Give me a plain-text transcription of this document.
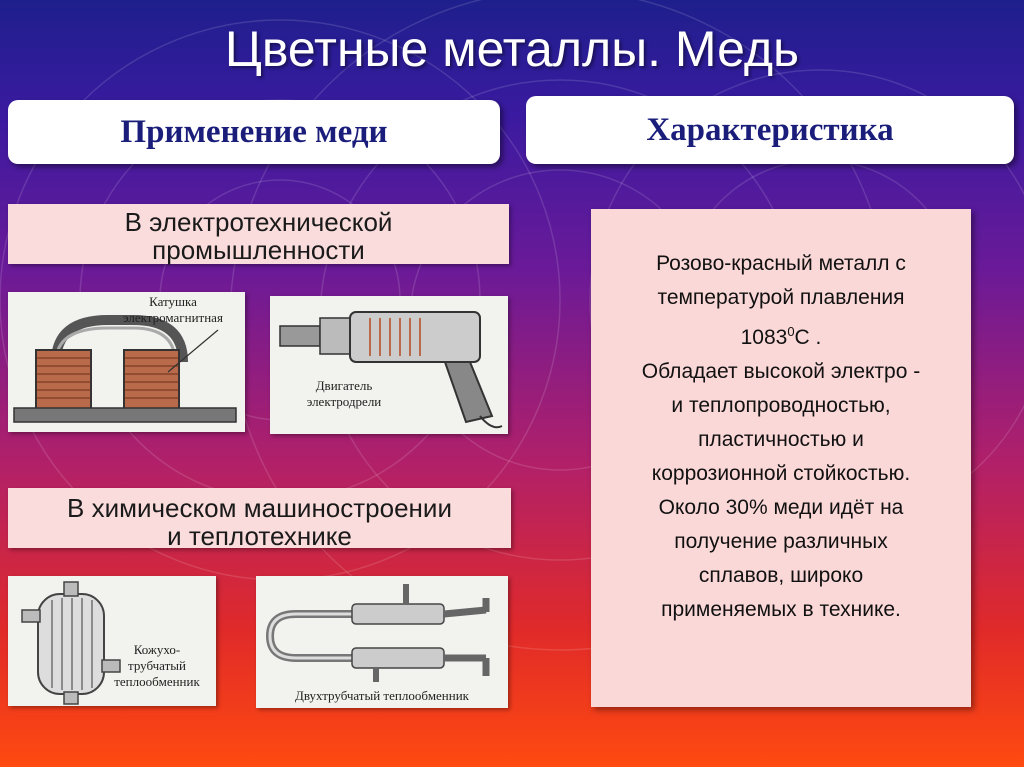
Цветные металлы. Медь
Применение меди	Характеристика
В электротехнической
промышленности
Катушка
электромагнитная
Двигатель
электродрели
В химическом машиностроении
и теплотехнике
Кожухо-
трубчатый
теплообменник
Двухтрубчатый теплообменник

Розово-красный металл с

температурой плавления

1083$^0$С .

Обладает высокой электро -

и теплопроводностью,

пластичностью и

коррозионной стойкостью.

Около 30% меди идёт на

получение различных

сплавов, широко

применяемых в технике.
